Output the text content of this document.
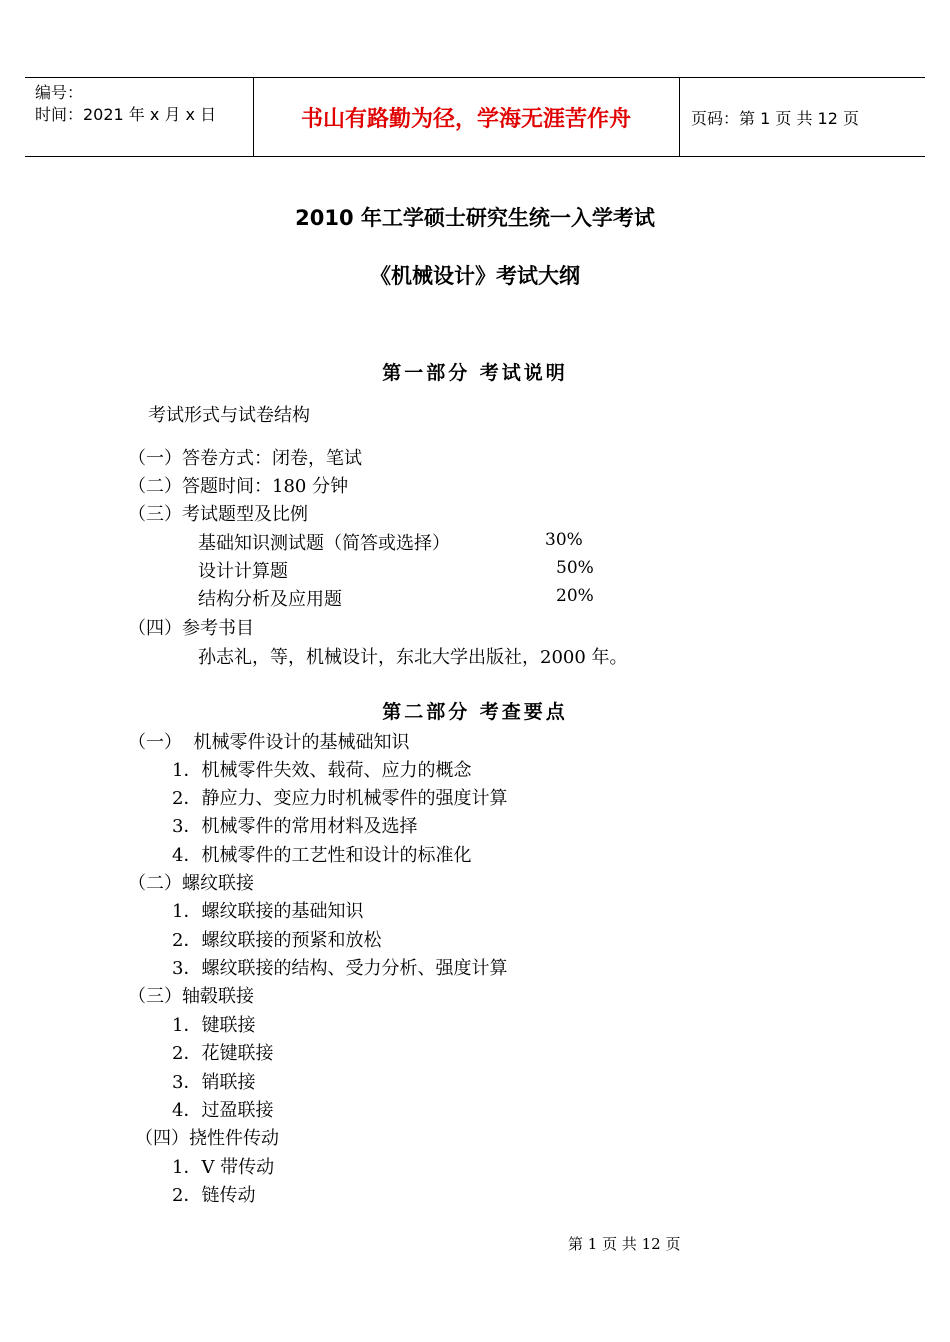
编号：
时间：2021 年 x 月 x 日	书山有路勤为径，学海无涯苦作舟	页码：第 1 页 共 12 页
2010 年工学硕士研究生统一入学考试
《机械设计》考试大纲
第一部分 考试说明
考试形式与试卷结构
（一）答卷方式：闭卷，笔试
（二）答题时间：180 分钟
（三）考试题型及比例
基础知识测试题（简答或选择）	30%
设计计算题	50%
结构分析及应用题	20%
（四）参考书目
孙志礼，等，机械设计，东北大学出版社，2000 年。
第二部分 考查要点
（一）  机械零件设计的基械础知识
1．机械零件失效、载荷、应力的概念
2．静应力、变应力时机械零件的强度计算
3．机械零件的常用材料及选择
4．机械零件的工艺性和设计的标准化
（二）螺纹联接
1．螺纹联接的基础知识
2．螺纹联接的预紧和放松
3．螺纹联接的结构、受力分析、强度计算
（三）轴毂联接
1．键联接
2．花键联接
3．销联接
4．过盈联接
（四）挠性件传动
1．V 带传动
2．链传动
第 1 页 共 12 页
